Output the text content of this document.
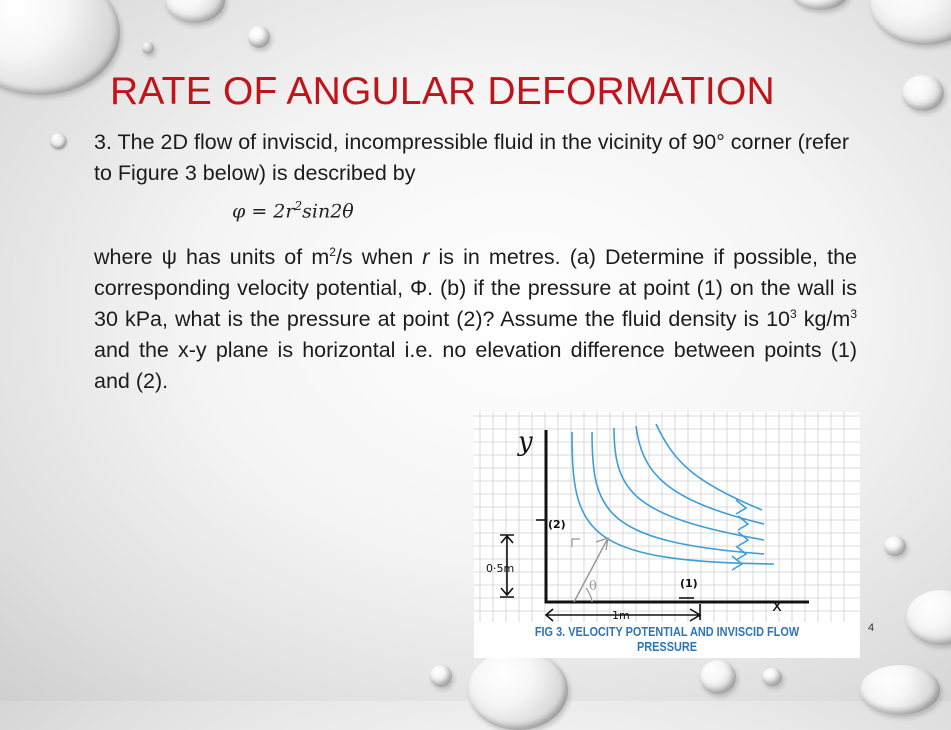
RATE OF ANGULAR DEFORMATION

3. The 2D flow of inviscid, incompressible fluid in the vicinity of 90° corner (refer to Figure 3 below) is described by

$\varphi = 2r^2\sin 2\theta$

where ψ has units of $m^2/s$ when r is in metres. (a) Determine if possible, the corresponding velocity potential, Φ. (b) if the pressure at point (1) on the wall is 30 kPa, what is the pressure at point (2)? Assume the fluid density is $10^3$ $kg/m^3$ and the x-y plane is horizontal i.e. no elevation difference between points (1) and (2).

y
x
(2)
(1)
θ
0·5m
1m
FIG 3. VELOCITY POTENTIAL AND INVISCID FLOW PRESSURE
4
